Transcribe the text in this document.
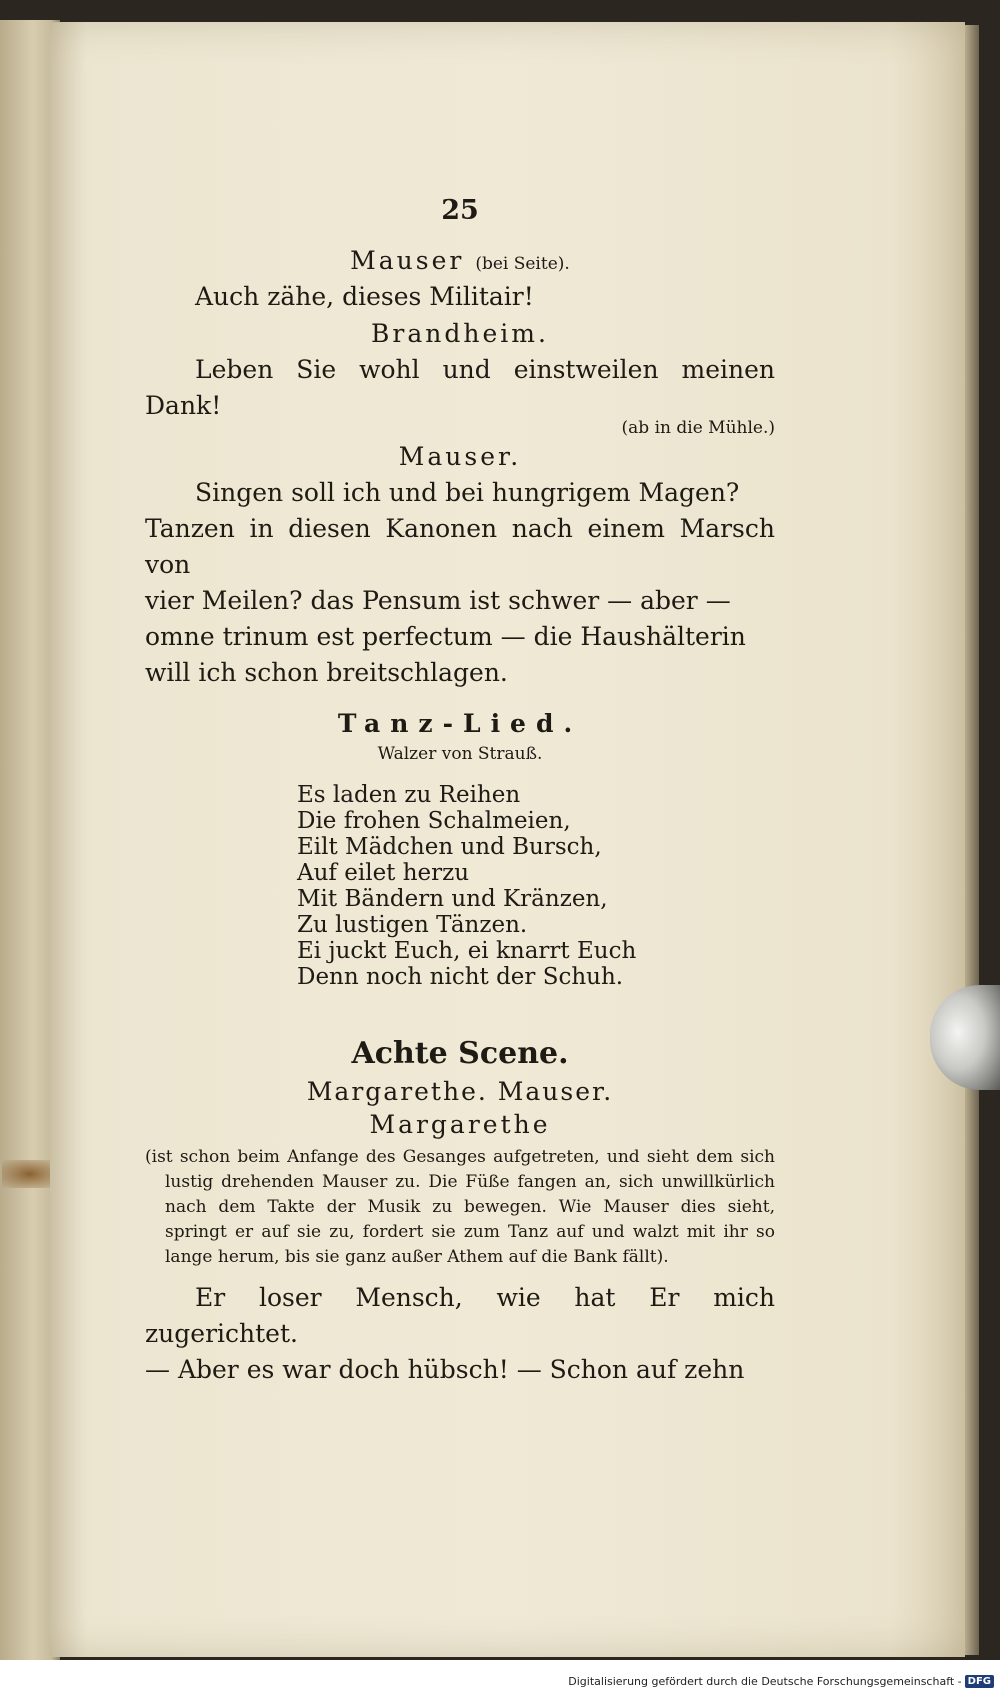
25
Mauser (bei Seite).
Auch zähe, dieses Militair!
Brandheim.
Leben Sie wohl und einstweilen meinen Dank!
(ab in die Mühle.)
Mauser.
Singen soll ich und bei hungrigem Magen?
Tanzen in diesen Kanonen nach einem Marsch von
vier Meilen? das Pensum ist schwer — aber —
omne trinum est perfectum — die Haushälterin
will ich schon breitschlagen.
Tanz-Lied.
Walzer von Strauß.
Es laden zu Reihen
Die frohen Schalmeien,
Eilt Mädchen und Bursch,
Auf eilet herzu
Mit Bändern und Kränzen,
Zu lustigen Tänzen.
Ei juckt Euch, ei knarrt Euch
Denn noch nicht der Schuh.
Achte Scene.
Margarethe. Mauser.
Margarethe
(ist schon beim Anfange des Gesanges aufgetreten, und sieht dem sich lustig drehenden Mauser zu. Die Füße fangen an, sich unwillkürlich nach dem Takte der Musik zu bewegen. Wie Mauser dies sieht, springt er auf sie zu, fordert sie zum Tanz auf und walzt mit ihr so lange herum, bis sie ganz außer Athem auf die Bank fällt).
Er loser Mensch, wie hat Er mich zugerichtet.
— Aber es war doch hübsch! — Schon auf zehn
Digitalisierung gefördert durch die Deutsche Forschungsgemeinschaft - DFG
